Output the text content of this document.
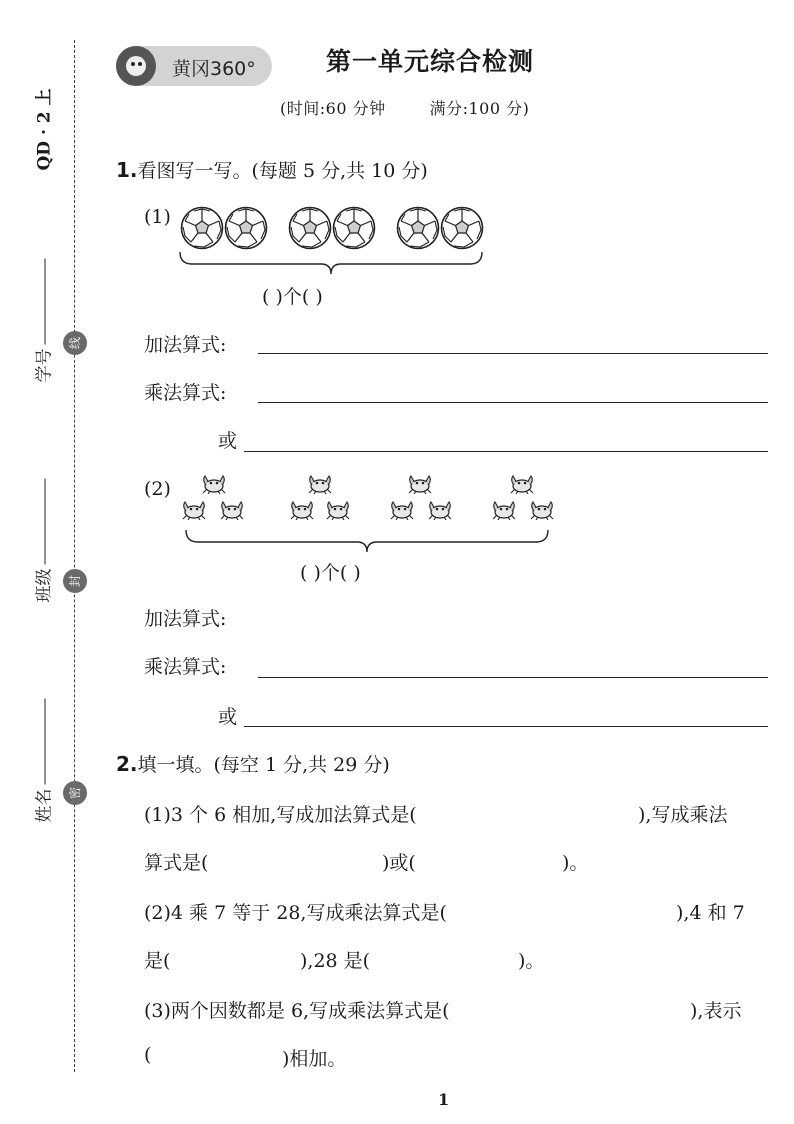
QD · 2 上
学号
班级
姓名
线
封
密
黄冈360°	第一单元综合检测
(时间:60 分钟	满分:100 分)
1.看图写一写。(每题 5 分,共 10 分)
(1)
( )个( )
加法算式:
乘法算式:
或
(2)
( )个( )
加法算式:
乘法算式:
或
2.填一填。(每空 1 分,共 29 分)
(1)3 个 6 相加,写成加法算式是(	),写成乘法
算式是(	)或(	)。
(2)4 乘 7 等于 28,写成乘法算式是(	),4 和 7
是(	),28 是(	)。
(3)两个因数都是 6,写成乘法算式是(	),表示
(	)相加。
1
